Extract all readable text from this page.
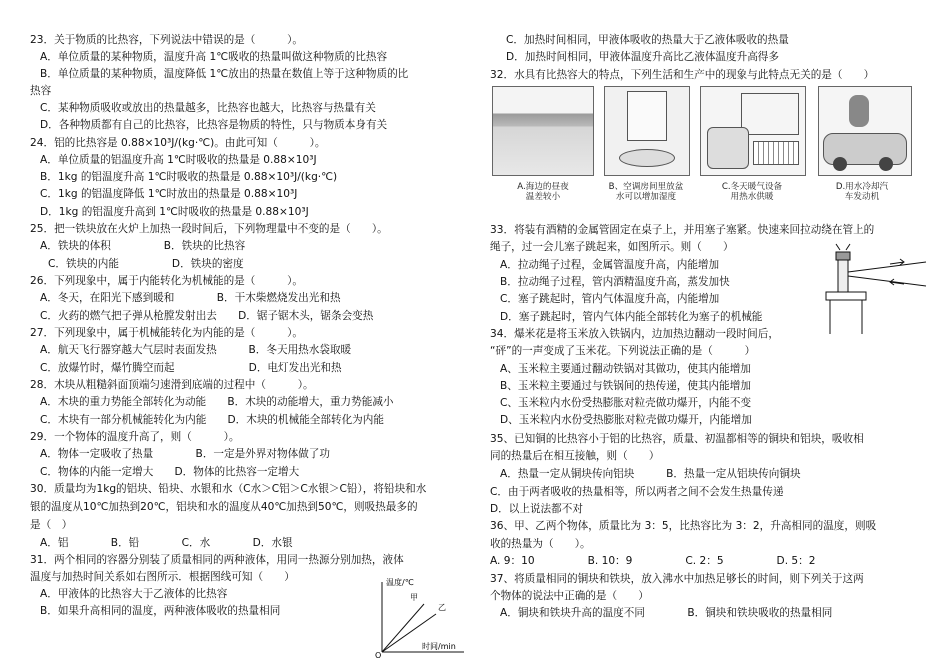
23．关于物质的比热容，下列说法中错误的是（　　　）。
A．单位质量的某种物质，温度升高 1℃吸收的热量叫做这种物质的比热容
B．单位质量的某种物质，温度降低 1℃放出的热量在数值上等于这种物质的比
热容
C．某种物质吸收或放出的热量越多，比热容也越大，比热容与热量有关
D．各种物质都有自己的比热容，比热容是物质的特性，只与物质本身有关
24．铝的比热容是 0.88×10³J/(kg·℃)。由此可知（　　　）。
A．单位质量的铝温度升高 1℃时吸收的热量是 0.88×10³J
B．1kg 的铝温度升高 1℃时吸收的热量是 0.88×10³J/(kg·℃)
C．1kg 的铝温度降低 1℃时放出的热量是 0.88×10³J
D．1kg 的铝温度升高到 1℃时吸收的热量是 0.88×10³J
25．把一铁块放在火炉上加热一段时间后，下列物理量中不变的是（　　）。
A．铁块的体积　　　　　B．铁块的比热容
C．铁块的内能　　　　　D．铁块的密度
26．下列现象中，属于内能转化为机械能的是（　　　）。
A．冬天，在阳光下感到暖和　　　　B．干木柴燃烧发出光和热
C．火药的燃气把子弹从枪膛发射出去　　D．锯子锯木头，锯条会变热
27．下列现象中，属于机械能转化为内能的是（　　　）。
A．航天飞行器穿越大气层时表面发热　　　B．冬天用热水袋取暖
C．放爆竹时，爆竹腾空而起　　　　　　　D．电灯发出光和热
28．木块从粗糙斜面顶端匀速滑到底端的过程中（　　　）。
A．木块的重力势能全部转化为动能　　B．木块的动能增大，重力势能减小
C．木块有一部分机械能转化为内能　　D．木块的机械能全部转化为内能
29．一个物体的温度升高了，则（　　　）。
A．物体一定吸收了热量　　　　B．一定是外界对物体做了功
C．物体的内能一定增大　　D．物体的比热容一定增大
30．质量均为1kg的铝块、铅块、水银和水（C水＞C铝＞C水银＞C铅），将铅块和水
银的温度从10℃加热到20℃，铝块和水的温度从40℃加热到50℃，则吸热最多的
是（　）
A．铝　　　　B．铅　　　　C．水　　　　D．水银
31．两个相同的容器分别装了质量相同的两种液体，用同一热源分别加热，液体
温度与加热时间关系如右图所示．根据图线可知（　　）
A．甲液体的比热容大于乙液体的比热容
B．如果升高相同的温度，两种液体吸收的热量相同
温度/℃
时间/min
O
甲
乙
C．加热时间相同，甲液体吸收的热量大于乙液体吸收的热量
D．加热时间相同，甲液体温度升高比乙液体温度升高得多
32．水具有比热容大的特点，下列生活和生产中的现象与此特点无关的是（　　）
33．将装有酒精的金属管固定在桌子上，并用塞子塞紧。快速来回拉动绕在管上的
绳子，过一会儿塞子跳起来，如图所示。则（　　）
A．拉动绳子过程，金属管温度升高，内能增加
B．拉动绳子过程，管内酒精温度升高，蒸发加快
C．塞子跳起时，管内气体温度升高，内能增加
D．塞子跳起时，管内气体内能全部转化为塞子的机械能
34．爆米花是将玉米放入铁锅内，边加热边翻动一段时间后，
“砰”的一声变成了玉米花。下列说法正确的是（　　　）
A、玉米粒主要通过翻动铁锅对其做功，使其内能增加
B、玉米粒主要通过与铁锅间的热传递，使其内能增加
C、玉米粒内水份受热膨胀对粒壳做功爆开，内能不变
D、玉米粒内水份受热膨胀对粒壳做功爆开，内能增加
35、已知铜的比热容小于铝的比热容，质量、初温都相等的铜块和铝块，吸收相
同的热量后在相互接触，则（　　）
A．热量一定从铜块传向铝块　　　B．热量一定从铝块传向铜块
C．由于两者吸收的热量相等，所以两者之间不会发生热量传递
D．以上说法都不对
36、甲、乙两个物体，质量比为 3：5，比热容比为 3：2，升高相同的温度，则吸
收的热量为（　　）。
A. 9：10　　　　　B. 10：9　　　　　C. 2：5　　　　　D. 5：2
37、将质量相同的铜块和铁块，放入沸水中加热足够长的时间，则下列关于这两
个物体的说法中正确的是（　　）
A．铜块和铁块升高的温度不同　　　　B．铜块和铁块吸收的热量相同
A.海边的昼夜
温差较小
B、空调房间里放盆
水可以增加湿度
C.冬天暖气设备
用热水供暖
D.用水冷却汽
车发动机
